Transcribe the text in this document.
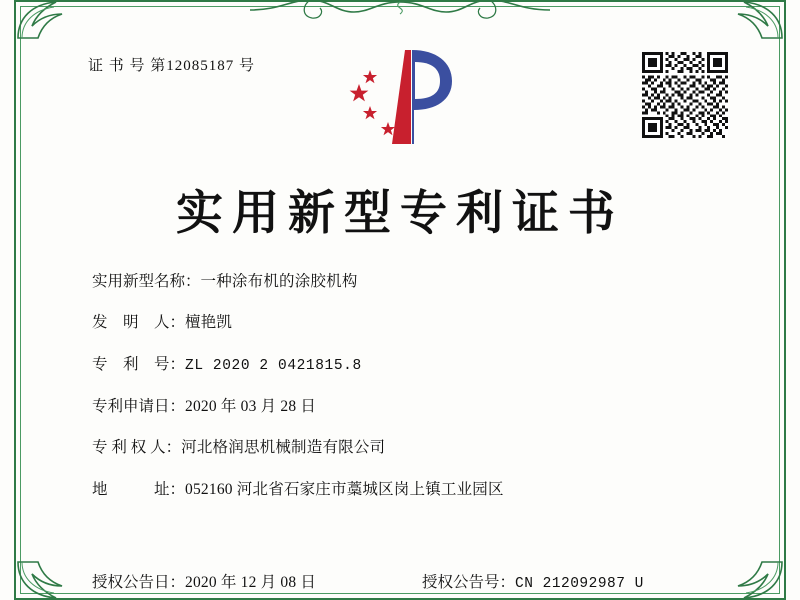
证 书 号 第12085187 号
实用新型专利证书
实用新型名称： 一种涂布机的涂胶机构
发　明　人： 檀艳凯
专　利　号： ZL 2020 2 0421815.8
专利申请日： 2020 年 03 月 28 日
专 利 权 人： 河北格润思机械制造有限公司
地　　　址： 052160 河北省石家庄市藁城区岗上镇工业园区
授权公告日： 2020 年 12 月 08 日	授权公告号： CN 212092987 U
